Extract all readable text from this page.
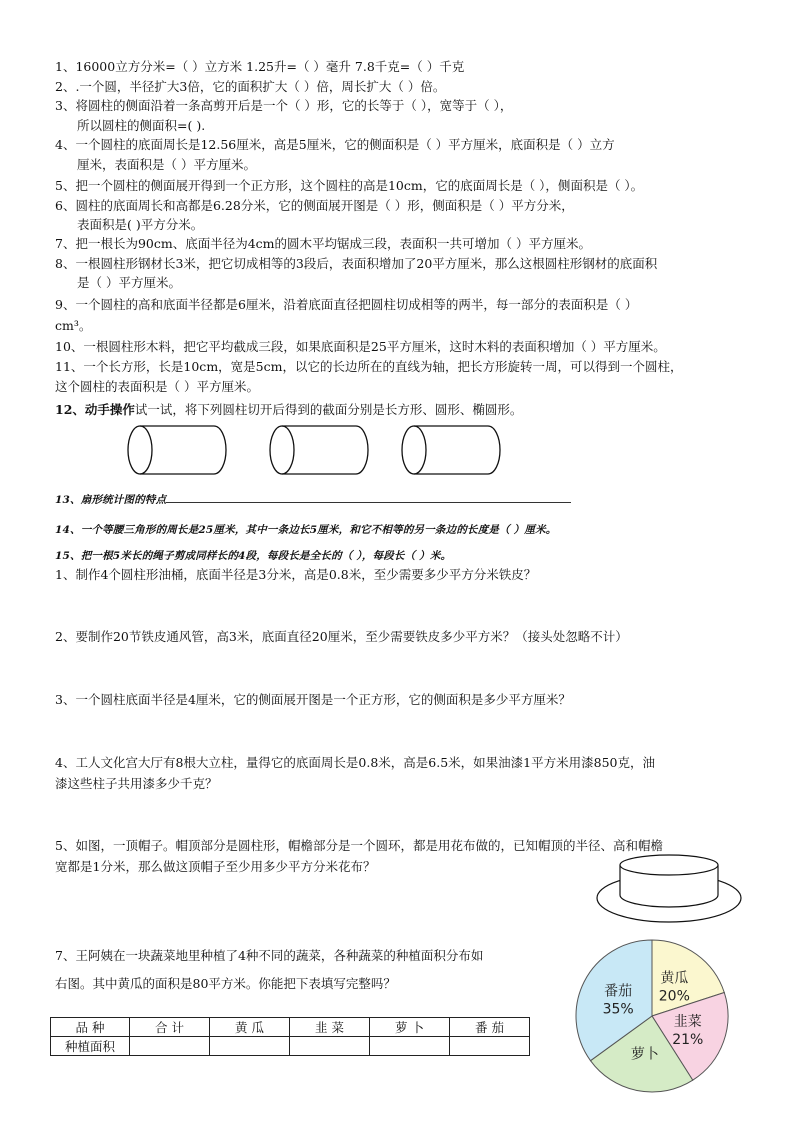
1、16000立方分米=（ ）立方米 1.25升=（ ）毫升 7.8千克=（ ）千克
2、.一个圆，半径扩大3倍，它的面积扩大（ ）倍，周长扩大（ ）倍。
3、将圆柱的侧面沿着一条高剪开后是一个（ ）形，它的长等于（ ），宽等于（ ），
所以圆柱的侧面积=( ).
4、一个圆柱的底面周长是12.56厘米，高是5厘米，它的侧面积是（ ）平方厘米，底面积是（ ）立方
厘米，表面积是（ ）平方厘米。
5、把一个圆柱的侧面展开得到一个正方形，这个圆柱的高是10cm，它的底面周长是（ ），侧面积是（ ）。
6、圆柱的底面周长和高都是6.28分米，它的侧面展开图是（ ）形，侧面积是（ ）平方分米，
表面积是( )平方分米。
7、把一根长为90cm、底面半径为4cm的圆木平均锯成三段，表面积一共可增加（ ）平方厘米。
8、一根圆柱形钢材长3米，把它切成相等的3段后，表面积增加了20平方厘米，那么这根圆柱形钢材的底面积
是（ ）平方厘米。
9、一个圆柱的高和底面半径都是6厘米，沿着底面直径把圆柱切成相等的两半，每一部分的表面积是（ ）
cm³。
10、一根圆柱形木料，把它平均截成三段，如果底面积是25平方厘米，这时木料的表面积增加（ ）平方厘米。
11、一个长方形，长是10cm，宽是5cm，以它的长边所在的直线为轴，把长方形旋转一周，可以得到一个圆柱，
这个圆柱的表面积是（ ）平方厘米。
12、动手操作试一试，将下列圆柱切开后得到的截面分别是长方形、圆形、椭圆形。
13、扇形统计图的特点
14、一个等腰三角形的周长是25厘米，其中一条边长5厘米，和它不相等的另一条边的长度是（ ）厘米。
15、把一根5米长的绳子剪成同样长的4段，每段长是全长的（ ），每段长（ ）米。
1、制作4个圆柱形油桶，底面半径是3分米，高是0.8米，至少需要多少平方分米铁皮？
2、要制作20节铁皮通风管，高3米，底面直径20厘米，至少需要铁皮多少平方米？（接头处忽略不计）
3、一个圆柱底面半径是4厘米，它的侧面展开图是一个正方形，它的侧面积是多少平方厘米？
4、工人文化宫大厅有8根大立柱，量得它的底面周长是0.8米，高是6.5米，如果油漆1平方米用漆850克，油
漆这些柱子共用漆多少千克？
5、如图，一顶帽子。帽顶部分是圆柱形，帽檐部分是一个圆环，都是用花布做的，已知帽顶的半径、高和帽檐
宽都是1分米，那么做这顶帽子至少用多少平方分米花布？
7、王阿姨在一块蔬菜地里种植了4种不同的蔬菜，各种蔬菜的种植面积分布如
右图。其中黄瓜的面积是80平方米。你能把下表填写完整吗？
品 种	合 计	黄 瓜	韭 菜	萝 卜	番 茄
种植面积					
黄瓜
20%
韭菜
21%
萝卜
番茄
35%
